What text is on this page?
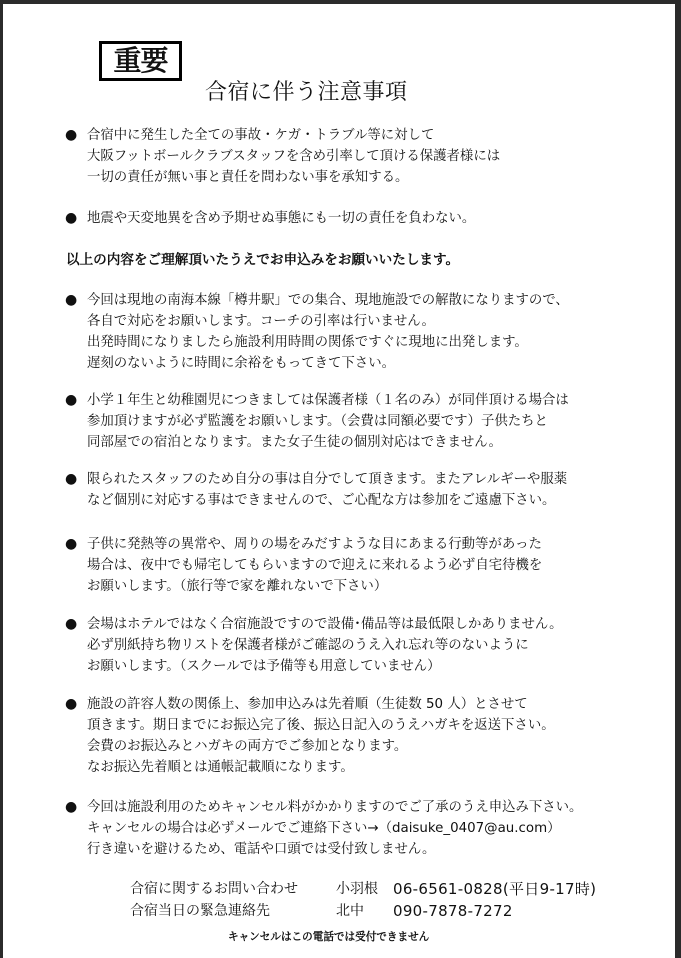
重要
合宿に伴う注意事項
● 合宿中に発生した全ての事故・ケガ・トラブル等に対して
大阪フットボールクラブスタッフを含め引率して頂ける保護者様には
一切の責任が無い事と責任を問わない事を承知する。
● 地震や天変地異を含め予期せぬ事態にも一切の責任を負わない。
以上の内容をご理解頂いたうえでお申込みをお願いいたします。
● 今回は現地の南海本線「樽井駅」での集合、現地施設での解散になりますので、
各自で対応をお願いします。コーチの引率は行いません。
出発時間になりましたら施設利用時間の関係ですぐに現地に出発します。
遅刻のないように時間に余裕をもってきて下さい。
● 小学１年生と幼稚園児につきましては保護者様（１名のみ）が同伴頂ける場合は
参加頂けますが必ず監護をお願いします。（会費は同額必要です）子供たちと
同部屋での宿泊となります。また女子生徒の個別対応はできません。
● 限られたスタッフのため自分の事は自分でして頂きます。またアレルギーや服薬
など個別に対応する事はできませんので、ご心配な方は参加をご遠慮下さい。
● 子供に発熱等の異常や、周りの場をみだすような目にあまる行動等があった
場合は、夜中でも帰宅してもらいますので迎えに来れるよう必ず自宅待機を
お願いします。（旅行等で家を離れないで下さい）
● 会場はホテルではなく合宿施設ですので設備･備品等は最低限しかありません。
必ず別紙持ち物リストを保護者様がご確認のうえ入れ忘れ等のないように
お願いします。（スクールでは予備等も用意していません）
● 施設の許容人数の関係上、参加申込みは先着順（生徒数 50 人）とさせて
頂きます。期日までにお振込完了後、振込日記入のうえハガキを返送下さい。
会費のお振込みとハガキの両方でご参加となります。
なお振込先着順とは通帳記載順になります。
● 今回は施設利用のためキャンセル料がかかりますのでご了承のうえ申込み下さい。
キャンセルの場合は必ずメールでご連絡下さい→（daisuke_0407@au.com）
行き違いを避けるため、電話や口頭では受付致しません。
合宿に関するお問い合わせ	小羽根 06-6561-0828(平日9-17時)
合宿当日の緊急連絡先	北中 090-7878-7272
キャンセルはこの電話では受付できません
